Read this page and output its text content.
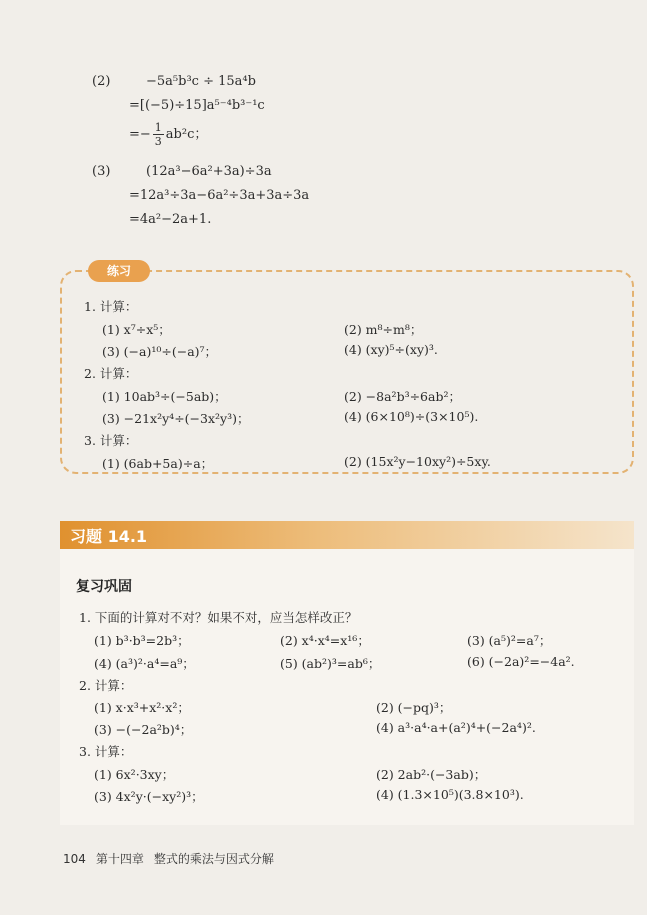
(2)	−5a⁵b³c ÷ 15a⁴b
=[(−5)÷15]a⁵⁻⁴b³⁻¹c
=− $\frac{1}{3} ab^2c$；
(3)	(12a³−6a²+3a)÷3a
=12a³÷3a−6a²÷3a+3a÷3a
=4a²−2a+1.
练习
1. 计算：
(1) x⁷÷x⁵；	(2) m⁸÷m⁸；
(3) (−a)¹⁰÷(−a)⁷；	(4) (xy)⁵÷(xy)³.
2. 计算：
(1) 10ab³÷(−5ab)；	(2) −8a²b³÷6ab²；
(3) −21x²y⁴÷(−3x²y³)；	(4) (6×10⁸)÷(3×10⁵).
3. 计算：
(1) (6ab+5a)÷a；	(2) (15x²y−10xy²)÷5xy.
习题 14.1
复习巩固
1. 下面的计算对不对？如果不对，应当怎样改正？
(1) b³·b³=2b³；	(2) x⁴·x⁴=x¹⁶；	(3) (a⁵)²=a⁷；
(4) (a³)²·a⁴=a⁹；	(5) (ab²)³=ab⁶；	(6) (−2a)²=−4a².
2. 计算：
(1) x·x³+x²·x²；	(2) (−pq)³；
(3) −(−2a²b)⁴；	(4) a³·a⁴·a+(a²)⁴+(−2a⁴)².
3. 计算：
(1) 6x²·3xy；	(2) 2ab²·(−3ab)；
(3) 4x²y·(−xy²)³；	(4) (1.3×10⁵)(3.8×10³).
104 第十四章 整式的乘法与因式分解
